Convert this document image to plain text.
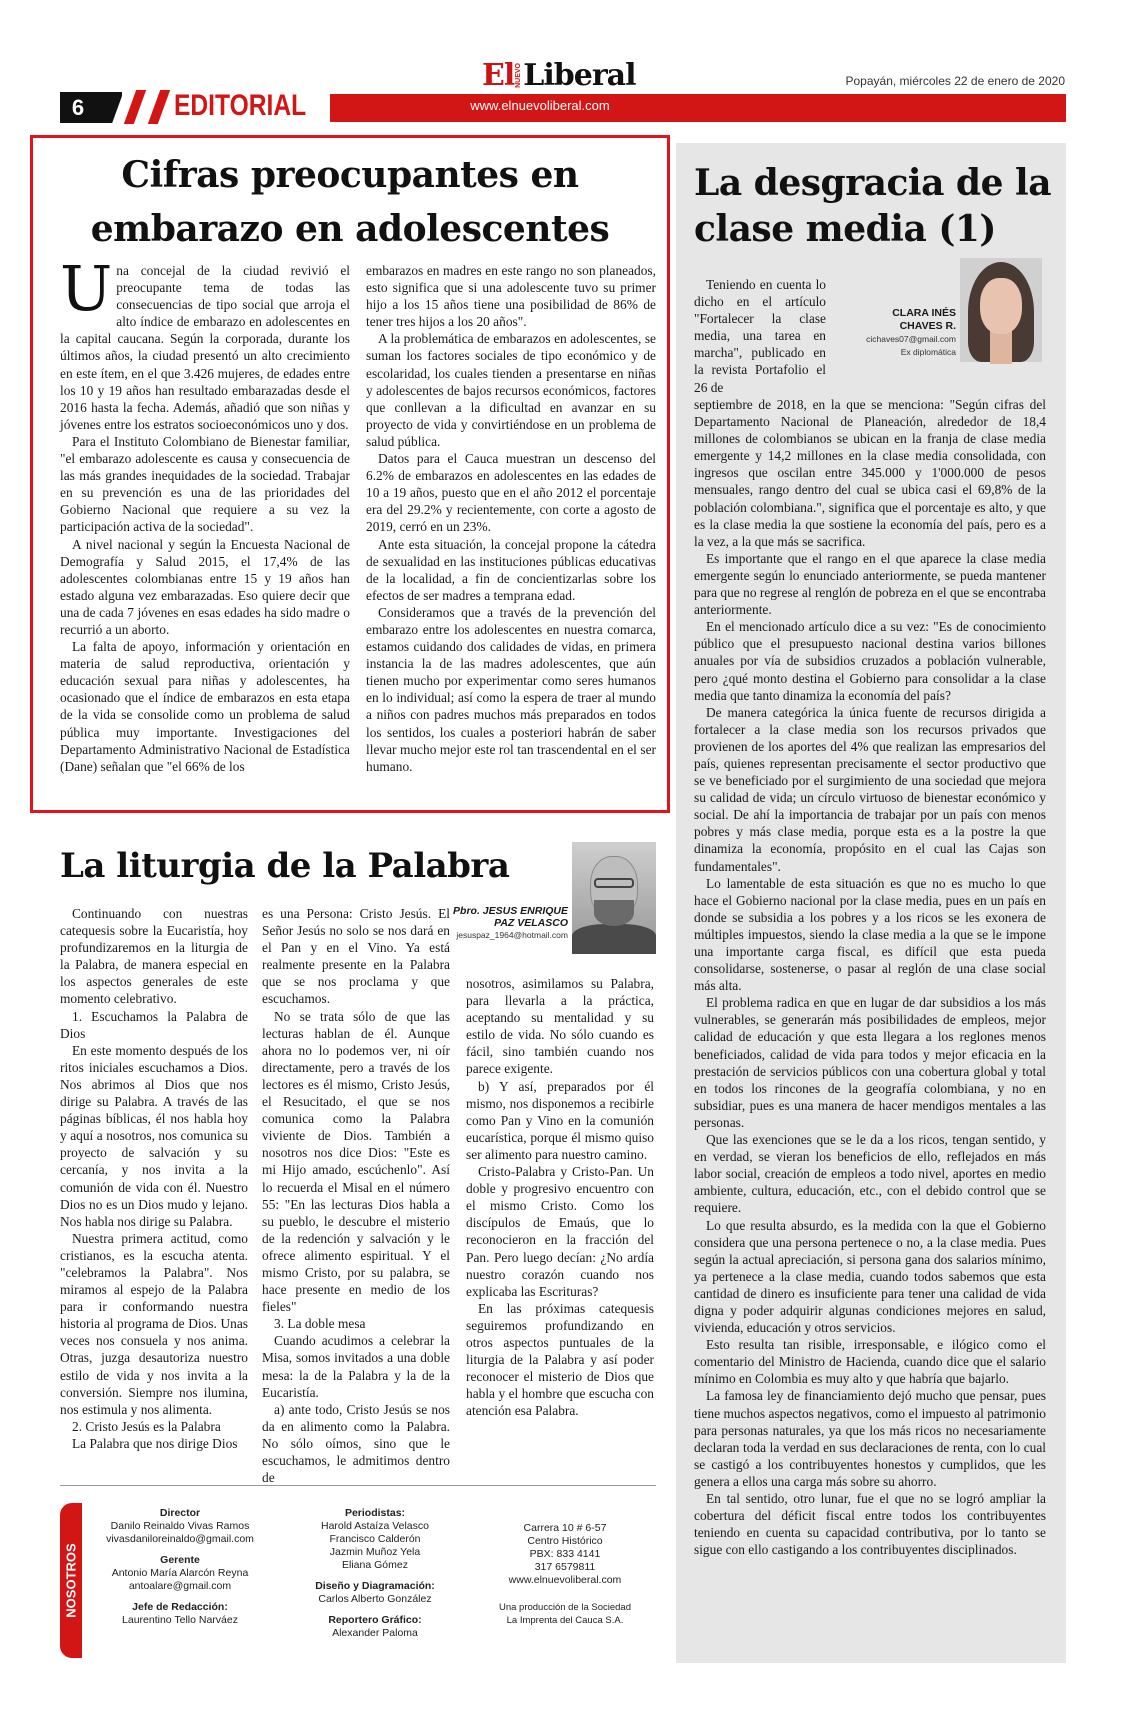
El NUEVO Liberal	Popayán, miércoles 22 de enero de 2020
www.elnuevoliberal.com
6	EDITORIAL
Cifras preocupantes en
embarazo en adolescentes

Una concejal de la ciudad revivió el preocupante tema de todas las consecuencias de tipo social que arroja el alto índice de embarazo en adolescentes en la capital caucana. Según la corporada, durante los últimos años, la ciudad presentó un alto crecimiento en este ítem, en el que 3.426 mujeres, de edades entre los 10 y 19 años han resultado embarazadas desde el 2016 hasta la fecha. Además, añadió que son niñas y jóvenes entre los estratos socioeconómicos uno y dos.

Para el Instituto Colombiano de Bienestar familiar, "el embarazo adolescente es causa y consecuencia de las más grandes inequidades de la sociedad. Trabajar en su prevención es una de las prioridades del Gobierno Nacional que requiere a su vez la participación activa de la sociedad".

A nivel nacional y según la Encuesta Nacional de Demografía y Salud 2015, el 17,4% de las adolescentes colombianas entre 15 y 19 años han estado alguna vez embarazadas. Eso quiere decir que una de cada 7 jóvenes en esas edades ha sido madre o recurrió a un aborto.

La falta de apoyo, información y orientación en materia de salud reproductiva, orientación y educación sexual para niñas y adolescentes, ha ocasionado que el índice de embarazos en esta etapa de la vida se consolide como un problema de salud pública muy importante. Investigaciones del Departamento Administrativo Nacional de Estadística (Dane) señalan que "el 66% de los

embarazos en madres en este rango no son planeados, esto significa que si una adolescente tuvo su primer hijo a los 15 años tiene una posibilidad de 86% de tener tres hijos a los 20 años".

A la problemática de embarazos en adolescentes, se suman los factores sociales de tipo económico y de escolaridad, los cuales tienden a presentarse en niñas y adolescentes de bajos recursos económicos, factores que conllevan a la dificultad en avanzar en su proyecto de vida y convirtiéndose en un problema de salud pública.

Datos para el Cauca muestran un descenso del 6.2% de embarazos en adolescentes en las edades de 10 a 19 años, puesto que en el año 2012 el porcentaje era del 29.2% y recientemente, con corte a agosto de 2019, cerró en un 23%.

Ante esta situación, la concejal propone la cátedra de sexualidad en las instituciones públicas educativas de la localidad, a fin de concientizarlas sobre los efectos de ser madres a temprana edad.

Consideramos que a través de la prevención del embarazo entre los adolescentes en nuestra comarca, estamos cuidando dos calidades de vidas, en primera instancia la de las madres adolescentes, que aún tienen mucho por experimentar como seres humanos en lo individual; así como la espera de traer al mundo a niños con padres muchos más preparados en todos los sentidos, los cuales a posteriori habrán de saber llevar mucho mejor este rol tan trascendental en el ser humano.

La liturgia de la Palabra
Pbro. JESUS ENRIQUE PAZ VELASCO
jesuspaz_1964@hotmail.com

Continuando con nuestras catequesis sobre la Eucaristía, hoy profundizaremos en la liturgia de la Palabra, de manera especial en los aspectos generales de este momento celebrativo.

1. Escuchamos la Palabra de Dios

En este momento después de los ritos iniciales escuchamos a Dios. Nos abrimos al Dios que nos dirige su Palabra. A través de las páginas bíblicas, él nos habla hoy y aquí a nosotros, nos comunica su proyecto de salvación y su cercanía, y nos invita a la comunión de vida con él. Nuestro Dios no es un Dios mudo y lejano. Nos habla nos dirige su Palabra.

Nuestra primera actitud, como cristianos, es la escucha atenta. "celebramos la Palabra". Nos miramos al espejo de la Palabra para ir conformando nuestra historia al programa de Dios. Unas veces nos consuela y nos anima. Otras, juzga desautoriza nuestro estilo de vida y nos invita a la conversión. Siempre nos ilumina, nos estimula y nos alimenta.

2. Cristo Jesús es la Palabra

La Palabra que nos dirige Dios

es una Persona: Cristo Jesús. El Señor Jesús no solo se nos dará en el Pan y en el Vino. Ya está realmente presente en la Palabra que se nos proclama y que escuchamos.

No se trata sólo de que las lecturas hablan de él. Aunque ahora no lo podemos ver, ni oír directamente, pero a través de los lectores es él mismo, Cristo Jesús, el Resucitado, el que se nos comunica como la Palabra viviente de Dios. También a nosotros nos dice Dios: "Este es mi Hijo amado, escúchenlo". Así lo recuerda el Misal en el número 55: "En las lecturas Dios habla a su pueblo, le descubre el misterio de la redención y salvación y le ofrece alimento espiritual. Y el mismo Cristo, por su palabra, se hace presente en medio de los fieles"

3. La doble mesa

Cuando acudimos a celebrar la Misa, somos invitados a una doble mesa: la de la Palabra y la de la Eucaristía.

a) ante todo, Cristo Jesús se nos da en alimento como la Palabra. No sólo oímos, sino que le escuchamos, le admitimos dentro de

nosotros, asimilamos su Palabra, para llevarla a la práctica, aceptando su mentalidad y su estilo de vida. No sólo cuando es fácil, sino también cuando nos parece exigente.

b) Y así, preparados por él mismo, nos disponemos a recibirle como Pan y Vino en la comunión eucarística, porque él mismo quiso ser alimento para nuestro camino.

Cristo-Palabra y Cristo-Pan. Un doble y progresivo encuentro con el mismo Cristo. Como los discípulos de Emaús, que lo reconocieron en la fracción del Pan. Pero luego decían: ¿No ardía nuestro corazón cuando nos explicaba las Escrituras?

En las próximas catequesis seguiremos profundizando en otros aspectos puntuales de la liturgia de la Palabra y así poder reconocer el misterio de Dios que habla y el hombre que escucha con atención esa Palabra.

NOSOTROS
Director
Danilo Reinaldo Vivas Ramos
vivasdanilore​inaldo@gmail.com
Gerente
Antonio María Alarcón Reyna
antoalare@gmail.com
Jefe de Redacción:
Laurentino Tello Narváez
Periodistas:
Harold Astaíza Velasco
Francisco Calderón
Jazmin Muñoz Yela
Eliana Gómez
Diseño y Diagramación:
Carlos Alberto González
Reportero Gráfico:
Alexander Paloma
Carrera 10 # 6-57
Centro Histórico
PBX: 833 4141
317 6579811
www.elnuevoliberal.com
Una producción de la Sociedad
La Imprenta del Cauca S.A.
La desgracia de la
clase media (1)
CLARA INÉS
CHAVES R.
cichaves07@gmail.com
Ex diplomática

Teniendo en cuenta lo dicho en el artículo "Fortalecer la clase media, una tarea en marcha", publicado en la revista Portafolio el 26 de

septiembre de 2018, en la que se menciona: "Según cifras del Departamento Nacional de Planeación, alrededor de 18,4 millones de colombianos se ubican en la franja de clase media emergente y 14,2 millones en la clase media consolidada, con ingresos que oscilan entre 345.000 y 1'000.000 de pesos mensuales, rango dentro del cual se ubica casi el 69,8% de la población colombiana.", significa que el porcentaje es alto, y que es la clase media la que sostiene la economía del país, pero es a la vez, a la que más se sacrifica.

Es importante que el rango en el que aparece la clase media emergente según lo enunciado anteriormente, se pueda mantener para que no regrese al renglón de pobreza en el que se encontraba anteriormente.

En el mencionado artículo dice a su vez: "Es de conocimiento público que el presupuesto nacional destina varios billones anuales por vía de subsidios cruzados a población vulnerable, pero ¿qué monto destina el Gobierno para consolidar a la clase media que tanto dinamiza la economía del país?

De manera categórica la única fuente de recursos dirigida a fortalecer a la clase media son los recursos privados que provienen de los aportes del 4% que realizan las empresarios del país, quienes representan precisamente el sector productivo que se ve beneficiado por el surgimiento de una sociedad que mejora su calidad de vida; un círculo virtuoso de bienestar económico y social. De ahí la importancia de trabajar por un país con menos pobres y más clase media, porque esta es a la postre la que dinamiza la economía, propósito en el cual las Cajas son fundamentales".

Lo lamentable de esta situación es que no es mucho lo que hace el Gobierno nacional por la clase media, pues en un país en donde se subsidia a los pobres y a los ricos se les exonera de múltiples impuestos, siendo la clase media a la que se le impone una importante carga fiscal, es difícil que esta pueda consolidarse, sostenerse, o pasar al reglón de una clase social más alta.

El problema radica en que en lugar de dar subsidios a los más vulnerables, se generarán más posibilidades de empleos, mejor calidad de educación y que esta llegara a los reglones menos beneficiados, calidad de vida para todos y mejor eficacia en la prestación de servicios públicos con una cobertura global y total en todos los rincones de la geografía colombiana, y no en subsidiar, pues es una manera de hacer mendigos mentales a las personas.

Que las exenciones que se le da a los ricos, tengan sentido, y en verdad, se vieran los beneficios de ello, reflejados en más labor social, creación de empleos a todo nivel, aportes en medio ambiente, cultura, educación, etc., con el debido control que se requiere.

Lo que resulta absurdo, es la medida con la que el Gobierno considera que una persona pertenece o no, a la clase media. Pues según la actual apreciación, si persona gana dos salarios mínimo, ya pertenece a la clase media, cuando todos sabemos que esta cantidad de dinero es insuficiente para tener una calidad de vida digna y poder adquirir algunas condiciones mejores en salud, vivienda, educación y otros servicios.

Esto resulta tan risible, irresponsable, e ilógico como el comentario del Ministro de Hacienda, cuando dice que el salario mínimo en Colombia es muy alto y que habría que bajarlo.

La famosa ley de financiamiento dejó mucho que pensar, pues tiene muchos aspectos negativos, como el impuesto al patrimonio para personas naturales, ya que los más ricos no necesariamente declaran toda la verdad en sus declaraciones de renta, con lo cual se castigó a los contribuyentes honestos y cumplidos, que les genera a ellos una carga más sobre su ahorro.

En tal sentido, otro lunar, fue el que no se logró ampliar la cobertura del déficit fiscal entre todos los contribuyentes teniendo en cuenta su capacidad contributiva, por lo tanto se sigue con ello castigando a los contribuyentes disciplinados.
